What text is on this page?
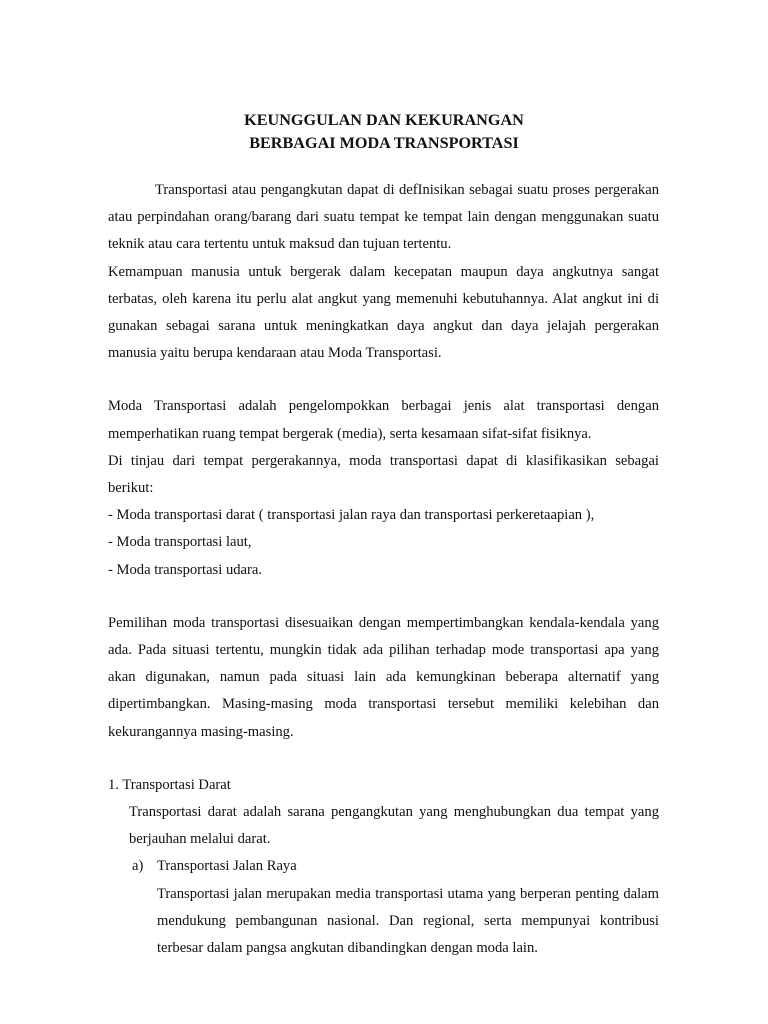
KEUNGGULAN DAN KEKURANGAN
BERBAGAI MODA TRANSPORTASI

Transportasi atau pengangkutan dapat di defInisikan sebagai suatu proses pergerakan atau perpindahan orang/barang dari suatu tempat ke tempat lain dengan menggunakan suatu teknik atau cara tertentu untuk maksud dan tujuan tertentu.

Kemampuan manusia untuk bergerak dalam kecepatan maupun daya angkutnya sangat terbatas, oleh karena itu perlu alat angkut yang memenuhi kebutuhannya. Alat angkut ini di gunakan sebagai sarana untuk meningkatkan daya angkut dan daya jelajah pergerakan manusia yaitu berupa kendaraan atau Moda Transportasi.

Moda Transportasi adalah pengelompokkan berbagai jenis alat transportasi dengan memperhatikan ruang tempat bergerak (media), serta kesamaan sifat-sifat fisiknya.

Di tinjau dari tempat pergerakannya, moda transportasi dapat di klasifikasikan sebagai berikut:

- Moda transportasi darat ( transportasi jalan raya dan transportasi perkeretaapian ),
- Moda transportasi laut,
- Moda transportasi udara.

Pemilihan moda transportasi disesuaikan dengan mempertimbangkan kendala-kendala yang ada. Pada situasi tertentu, mungkin tidak ada pilihan terhadap mode transportasi apa yang akan digunakan, namun pada situasi lain ada kemungkinan beberapa alternatif yang dipertimbangkan. Masing-masing moda transportasi tersebut memiliki kelebihan dan kekurangannya masing-masing.

1. Transportasi Darat

Transportasi darat adalah sarana pengangkutan yang menghubungkan dua tempat yang berjauhan melalui darat.

a) Transportasi Jalan Raya

Transportasi jalan merupakan media transportasi utama yang berperan penting dalam mendukung pembangunan nasional. Dan regional, serta mempunyai kontribusi terbesar dalam pangsa angkutan dibandingkan dengan moda lain.
